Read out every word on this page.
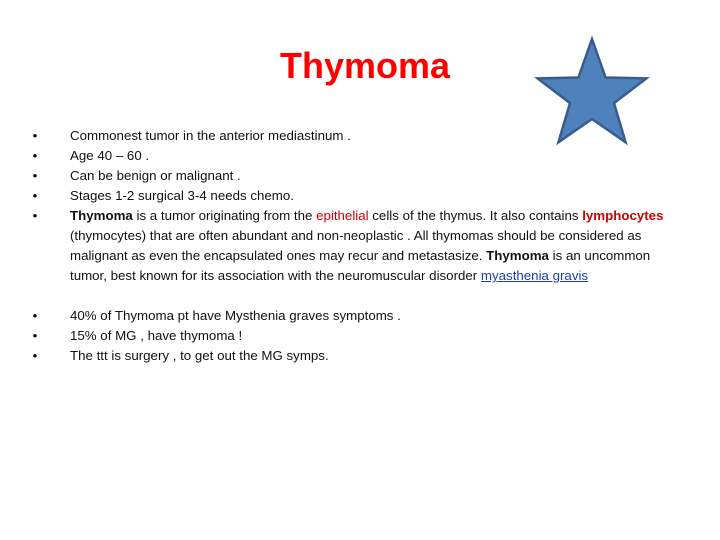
Thymoma
• Commonest tumor in the anterior mediastinum .
• Age 40 – 60 .
• Can be benign or malignant .
• Stages 1-2 surgical 3-4 needs chemo.
• Thymoma is a tumor originating from the epithelial cells of the thymus. It also contains lymphocytes (thymocytes) that are often abundant and non-neoplastic . All thymomas should be considered as malignant as even the encapsulated ones may recur and metastasize. Thymoma is an uncommon tumor, best known for its association with the neuromuscular disorder myasthenia gravis
• 40% of Thymoma pt have Mysthenia graves symptoms .
• 15% of MG , have thymoma !
• The ttt is surgery , to get out the MG symps.
